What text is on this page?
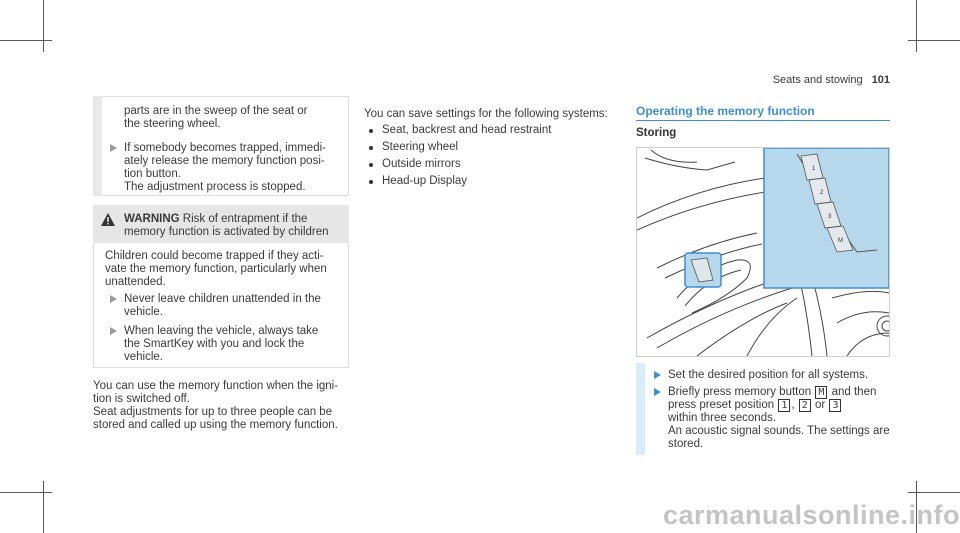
Seats and stowing 101
parts are in the sweep of the seat or
the steering wheel.
If somebody becomes trapped, immedi-
ately release the memory function posi-
tion button.
The adjustment process is stopped.
WARNING Risk of entrapment if the
memory function is activated by children
Children could become trapped if they acti-
vate the memory function, particularly when
unattended.
Never leave children unattended in the
vehicle.
When leaving the vehicle, always take
the SmartKey with you and lock the
vehicle.
You can use the memory function when the igni-
tion is switched off.
Seat adjustments for up to three people can be
stored and called up using the memory function.
You can save settings for the following systems:
Seat, backrest and head restraint
Steering wheel
Outside mirrors
Head-up Display
Operating the memory function
Storing
1
2
3
M
Set the desired position for all systems.
Briefly press memory button M and then
press preset position 1 , 2 or 3
within three seconds.
An acoustic signal sounds. The settings are
stored.
carmanualsonline.info
